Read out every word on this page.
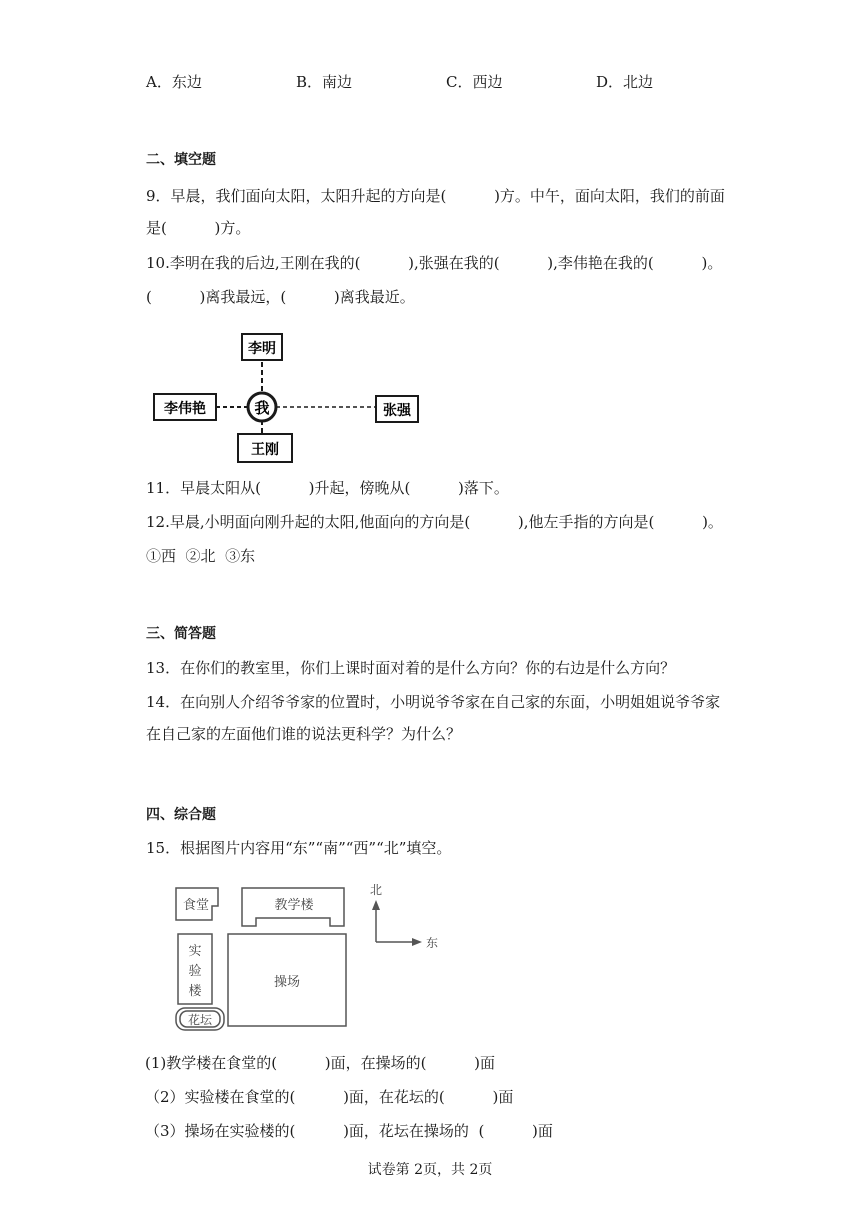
A．东边	B．南边	C．西边	D．北边
二、填空题
9．早晨，我们面向太阳，太阳升起的方向是(          )方。中午，面向太阳，我们的前面
是(          )方。
10.李明在我的后边,王刚在我的(          ),张强在我的(          ),李伟艳在我的(          )。
(          )离我最远，(          )离我最近。
我
李明
李伟艳	张强
王刚
11．早晨太阳从(          )升起，傍晚从(          )落下。
12.早晨,小明面向刚升起的太阳,他面向的方向是(          ),他左手指的方向是(          )。
①西  ②北  ③东
三、简答题
13．在你们的教室里，你们上课时面对着的是什么方向？你的右边是什么方向？
14．在向别人介绍爷爷家的位置时，小明说爷爷家在自己家的东面，小明姐姐说爷爷家
在自己家的左面他们谁的说法更科学？为什么？
四、综合题
15．根据图片内容用“东”“南”“西”“北”填空。
食堂	教学楼
实
验
楼
操场
花坛
北
东
(1)教学楼在食堂的(          )面，在操场的(          )面
（2）实验楼在食堂的(          )面，在花坛的(          )面
（3）操场在实验楼的(          )面，花坛在操场的  (          )面
试卷第 2页，共 2页
